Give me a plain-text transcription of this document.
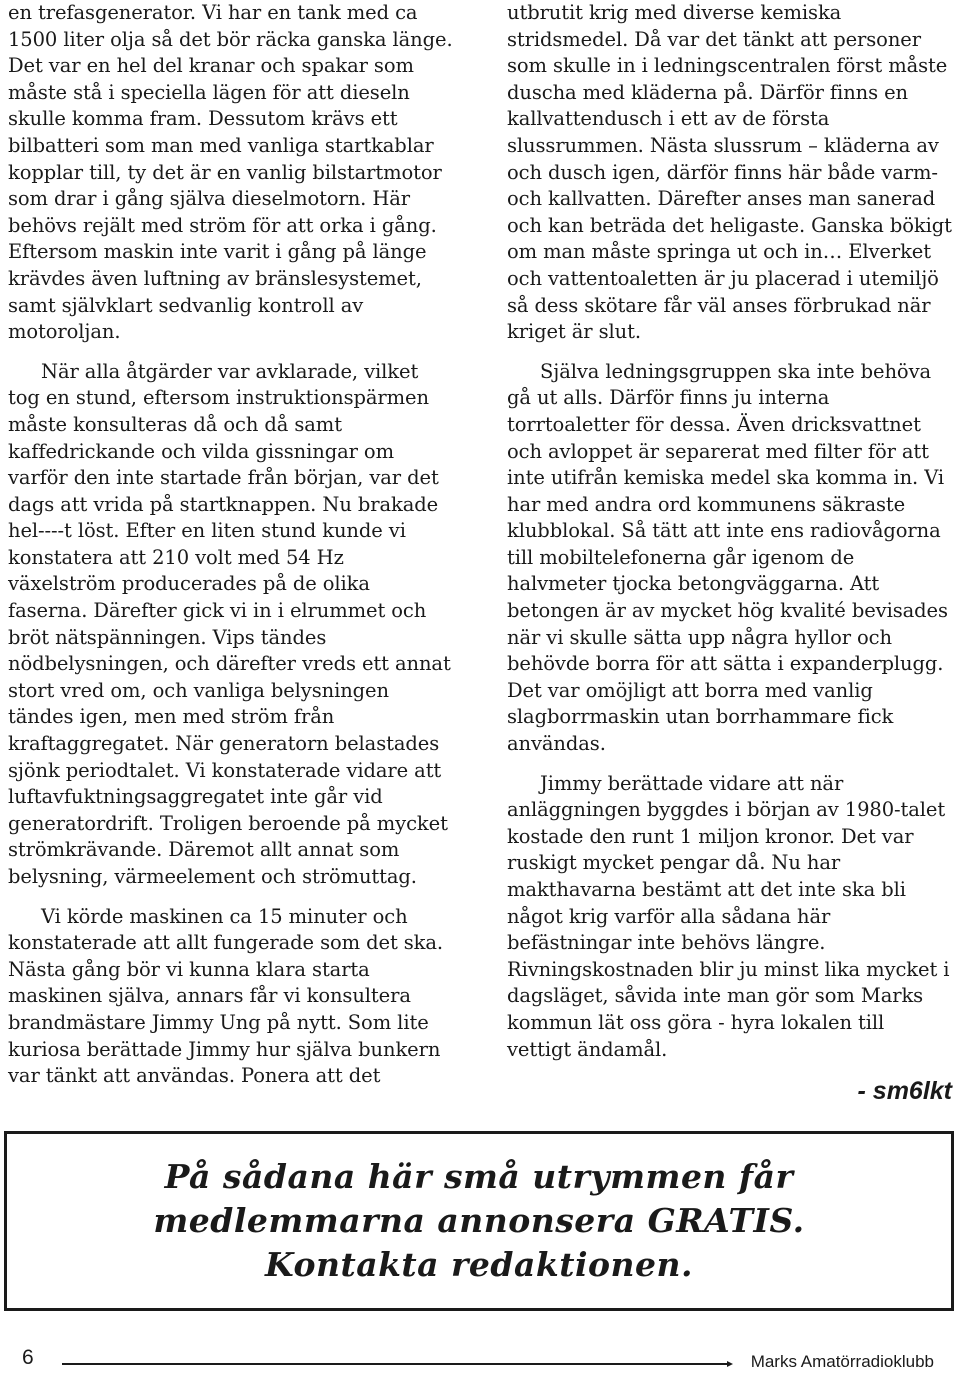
en trefasgenerator. Vi har en tank med ca 1500 liter olja så det bör räcka ganska länge. Det var en hel del kranar och spakar som måste stå i speciella lägen för att dieseln skulle komma fram. Dessutom krävs ett bilbatteri som man med vanliga startkablar kopplar till, ty det är en vanlig bilstartmotor som drar i gång själva dieselmotorn. Här behövs rejält med ström för att orka i gång. Eftersom maskin inte varit i gång på länge krävdes även luftning av bränslesystemet, samt självklart sedvanlig kontroll av motoroljan.

När alla åtgärder var avklarade, vilket tog en stund, eftersom instruktionspärmen måste konsulteras då och då samt kaffedrickande och vilda gissningar om varför den inte startade från början, var det dags att vrida på startknappen. Nu brakade hel----t löst. Efter en liten stund kunde vi konstatera att 210 volt med 54 Hz växelström producerades på de olika faserna. Därefter gick vi in i elrummet och bröt nätspänningen. Vips tändes nödbelysningen, och därefter vreds ett annat stort vred om, och vanliga belysningen tändes igen, men med ström från kraftaggregatet. När generatorn belastades sjönk periodtalet. Vi konstaterade vidare att luftavfuktningsaggregatet inte går vid generatordrift. Troligen beroende på mycket strömkrävande. Däremot allt annat som belysning, värmeelement och strömuttag.

Vi körde maskinen ca 15 minuter och konstaterade att allt fungerade som det ska. Nästa gång bör vi kunna klara starta maskinen själva, annars får vi konsultera brandmästare Jimmy Ung på nytt. Som lite kuriosa berättade Jimmy hur själva bunkern var tänkt att användas. Ponera att det

utbrutit krig med diverse kemiska stridsmedel. Då var det tänkt att personer som skulle in i ledningscentralen först måste duscha med kläderna på. Därför finns en kallvattendusch i ett av de första slussrummen. Nästa slussrum – kläderna av och dusch igen, därför finns här både varm- och kallvatten. Därefter anses man sanerad och kan beträda det heligaste. Ganska bökigt om man måste springa ut och in… Elverket och vattentoaletten är ju placerad i utemiljö så dess skötare får väl anses förbrukad när kriget är slut.

Själva ledningsgruppen ska inte behöva gå ut alls. Därför finns ju interna torrtoaletter för dessa. Även dricksvattnet och avloppet är separerat med filter för att inte utifrån kemiska medel ska komma in. Vi har med andra ord kommunens säkraste klubblokal. Så tätt att inte ens radiovågorna till mobiltelefonerna går igenom de halvmeter tjocka betongväggarna. Att betongen är av mycket hög kvalité bevisades när vi skulle sätta upp några hyllor och behövde borra för att sätta i expanderplugg. Det var omöjligt att borra med vanlig slagborrmaskin utan borrhammare fick användas.

Jimmy berättade vidare att när anläggningen byggdes i början av 1980-talet kostade den runt 1 miljon kronor. Det var ruskigt mycket pengar då. Nu har makthavarna bestämt att det inte ska bli något krig varför alla sådana här befästningar inte behövs längre. Rivningskostnaden blir ju minst lika mycket i dagsläget, såvida inte man gör som Marks kommun lät oss göra - hyra lokalen till vettigt ändamål.

- sm6lkt
På sådana här små utrymmen får
medlemmarna annonsera GRATIS.
Kontakta redaktionen.
6	Marks Amatörradioklubb
